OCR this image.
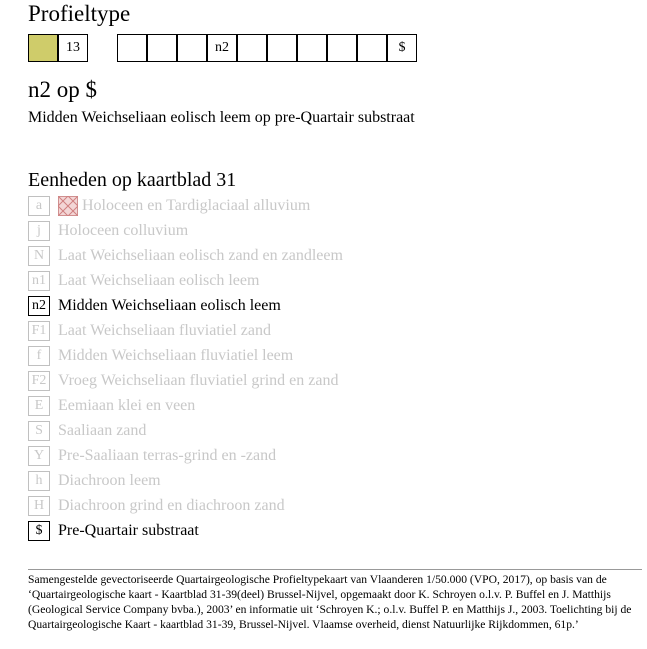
Profieltype
13	n2	$
n2 op $
Midden Weichseliaan eolisch leem op pre-Quartair substraat
Eenheden op kaartblad 31
a	Holoceen en Tardiglaciaal alluvium
j	Holoceen colluvium
N Laat Weichseliaan eolisch zand en zandleem
n1 Laat Weichseliaan eolisch leem
n2 Midden Weichseliaan eolisch leem
F1 Laat Weichseliaan fluviatiel zand
f	Midden Weichseliaan fluviatiel leem
F2 Vroeg Weichseliaan fluviatiel grind en zand
E Eemiaan klei en veen
S Saaliaan zand
Y Pre-Saaliaan terras-grind en -zand
h Diachroon leem
H Diachroon grind en diachroon zand
$ Pre-Quartair substraat
Samengestelde gevectoriseerde Quartairgeologische Profieltypekaart van Vlaanderen 1/50.000 (VPO, 2017), op basis van de ‘Quartairgeologische kaart - Kaartblad 31-39(deel) Brussel-Nijvel, opgemaakt door K. Schroyen o.l.v. P. Buffel en J. Matthijs (Geological Service Company bvba.), 2003’ en informatie uit ‘Schroyen K.; o.l.v. Buffel P. en Matthijs J., 2003. Toelichting bij de Quartairgeologische Kaart - kaartblad 31-39, Brussel-Nijvel. Vlaamse overheid, dienst Natuurlijke Rijkdommen, 61p.’
